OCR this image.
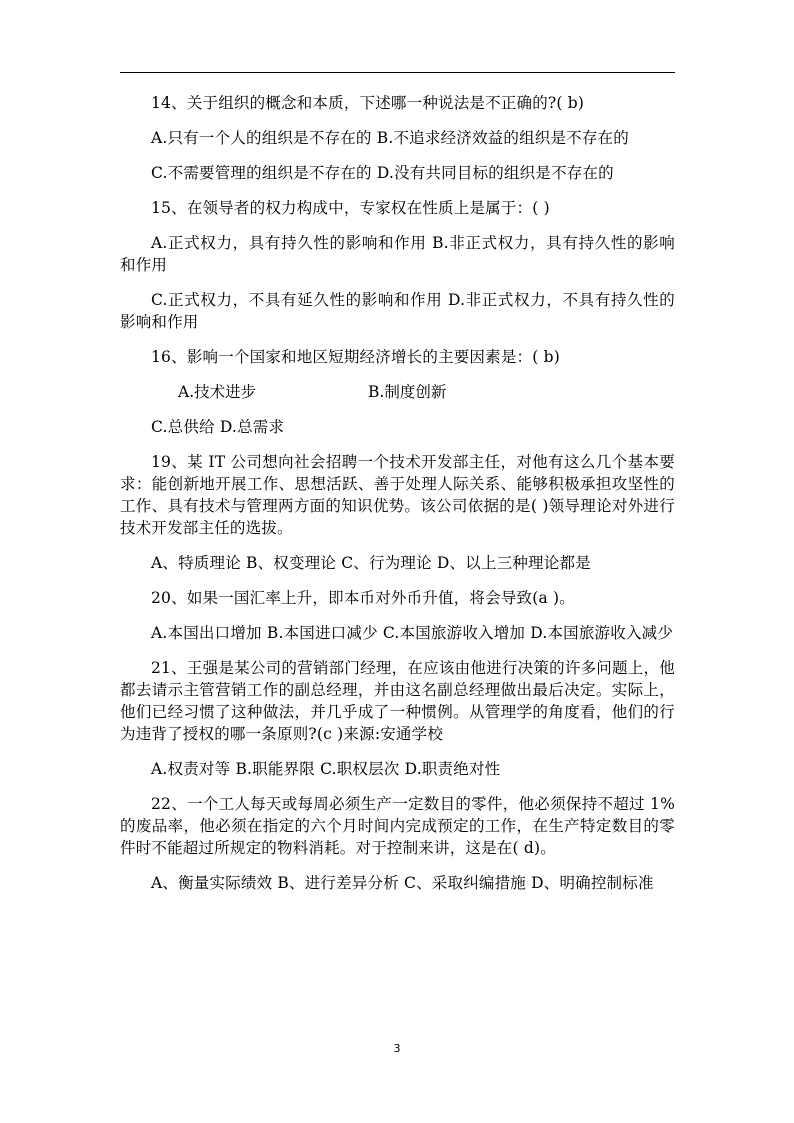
14、关于组织的概念和本质，下述哪一种说法是不正确的?( b)

A.只有一个人的组织是不存在的 B.不追求经济效益的组织是不存在的

C.不需要管理的组织是不存在的 D.没有共同目标的组织是不存在的

15、在领导者的权力构成中，专家权在性质上是属于：( )

A.正式权力，具有持久性的影响和作用 B.非正式权力，具有持久性的影响和作用

C.正式权力，不具有延久性的影响和作用 D.非正式权力，不具有持久性的影响和作用

16、影响一个国家和地区短期经济增长的主要因素是：( b)

A.技术进步	B.制度创新

C.总供给 D.总需求

19、某 IT 公司想向社会招聘一个技术开发部主任，对他有这么几个基本要求：能创新地开展工作、思想活跃、善于处理人际关系、能够积极承担攻坚性的工作、具有技术与管理两方面的知识优势。该公司依据的是( )领导理论对外进行技术开发部主任的选拔。

A、特质理论 B、权变理论 C、行为理论 D、以上三种理论都是

20、如果一国汇率上升，即本币对外币升值，将会导致(a )。

A.本国出口增加 B.本国进口减少 C.本国旅游收入增加 D.本国旅游收入减少

21、王强是某公司的营销部门经理，在应该由他进行决策的许多问题上，他都去请示主管营销工作的副总经理，并由这名副总经理做出最后决定。实际上，他们已经习惯了这种做法，并几乎成了一种惯例。从管理学的角度看，他们的行为违背了授权的哪一条原则?(c )来源:安通学校

A.权责对等 B.职能界限 C.职权层次 D.职责绝对性

22、一个工人每天或每周必须生产一定数目的零件，他必须保持不超过 1%的废品率，他必须在指定的六个月时间内完成预定的工作，在生产特定数目的零件时不能超过所规定的物料消耗。对于控制来讲，这是在( d)。

A、衡量实际绩效 B、进行差异分析 C、采取纠编措施 D、明确控制标准

3
